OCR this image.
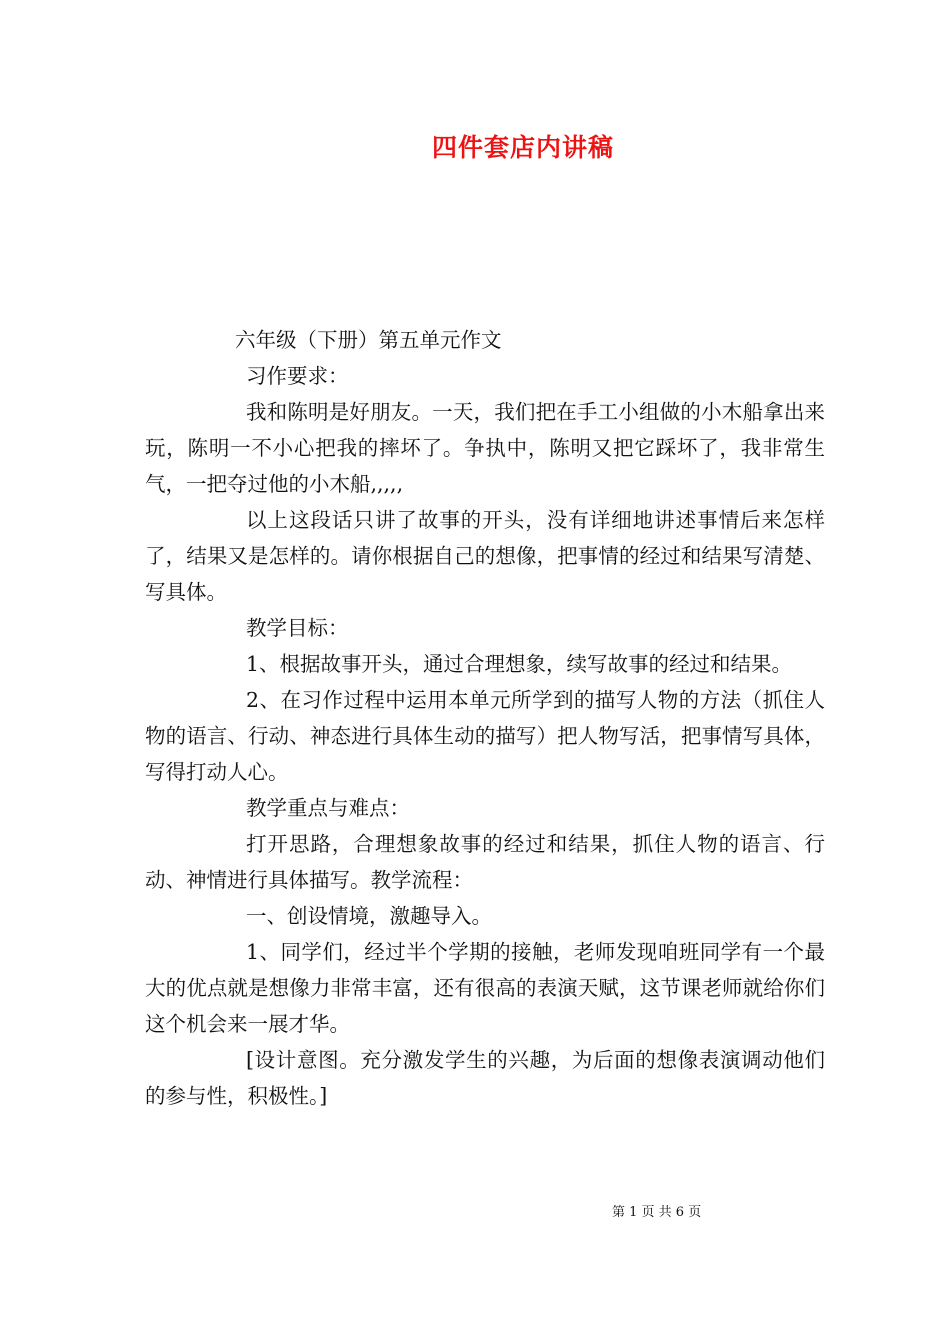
四件套店内讲稿

六年级（下册）第五单元作文

习作要求：

我和陈明是好朋友。一天，我们把在手工小组做的小木船拿出来玩，陈明一不小心把我的摔坏了。争执中，陈明又把它踩坏了，我非常生气，一把夺过他的小木船,,,,,

以上这段话只讲了故事的开头，没有详细地讲述事情后来怎样了，结果又是怎样的。请你根据自己的想像，把事情的经过和结果写清楚、写具体。

教学目标：

1、根据故事开头，通过合理想象，续写故事的经过和结果。

2、在习作过程中运用本单元所学到的描写人物的方法（抓住人物的语言、行动、神态进行具体生动的描写）把人物写活，把事情写具体，写得打动人心。

教学重点与难点：

打开思路，合理想象故事的经过和结果，抓住人物的语言、行动、神情进行具体描写。教学流程：

一、创设情境，激趣导入。

1、同学们，经过半个学期的接触，老师发现咱班同学有一个最大的优点就是想像力非常丰富，还有很高的表演天赋，这节课老师就给你们这个机会来一展才华。

[设计意图。充分激发学生的兴趣，为后面的想像表演调动他们的参与性，积极性。]

第 1 页 共 6 页
